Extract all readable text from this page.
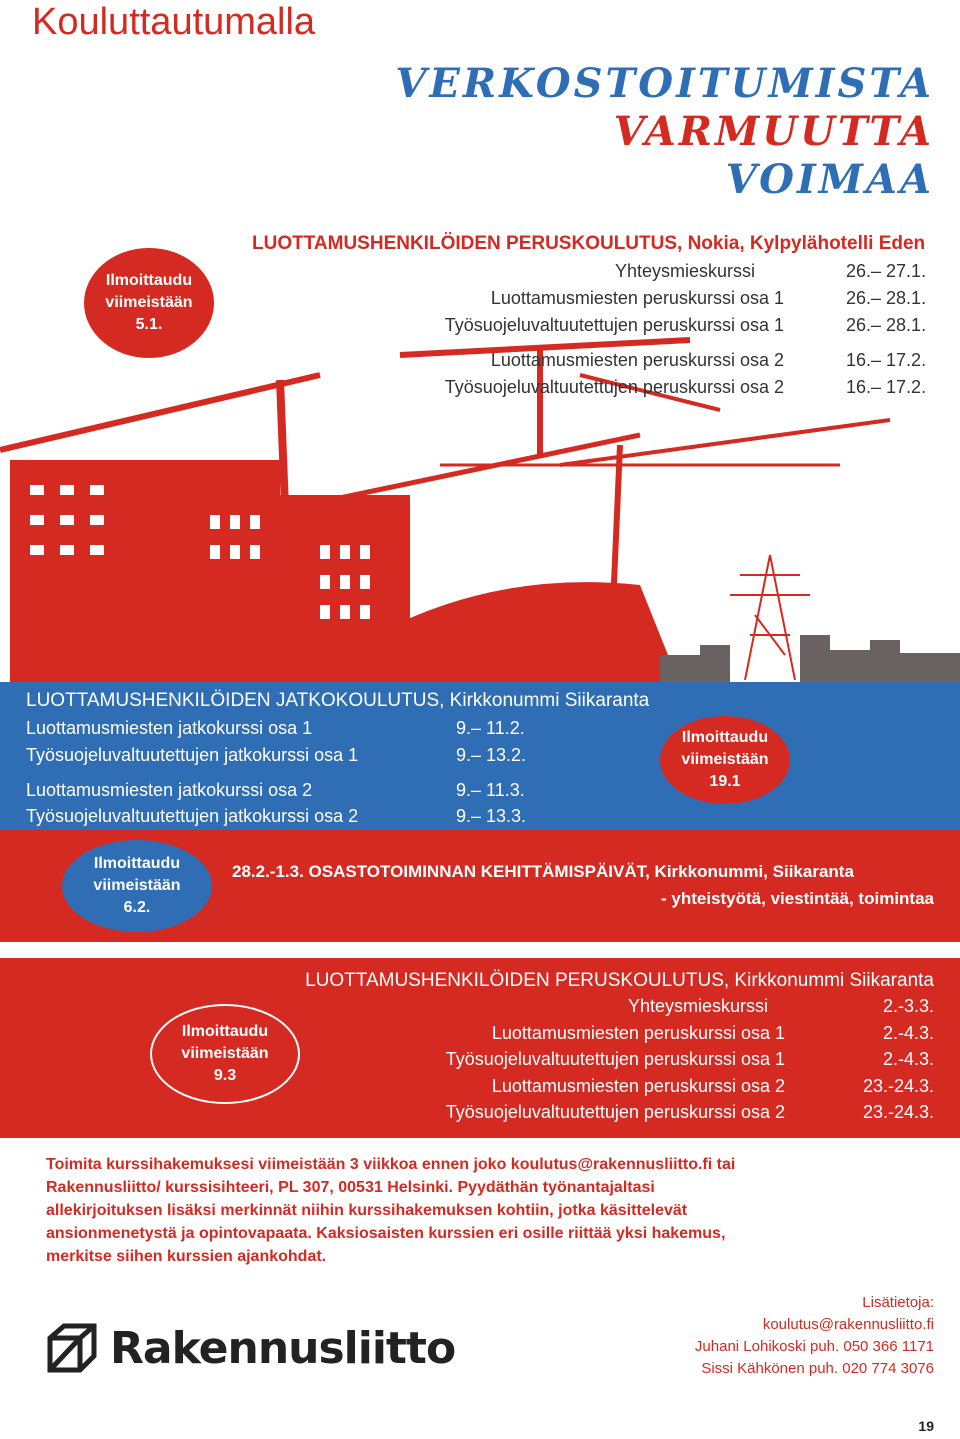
Kouluttautumalla
VERKOSTOITUMISTA
VARMUUTTA
VOIMAA
Ilmoittaudu
viimeistään
5.1.
LUOTTAMUSHENKILÖIDEN PERUSKOULUTUS, Nokia, Kylpylähotelli Eden
Yhteysmieskurssi	26.– 27.1.
Luottamusmiesten peruskurssi osa 1	26.– 28.1.
Työsuojeluvaltuutettujen peruskurssi osa 1	26.– 28.1.
Luottamusmiesten peruskurssi osa 2	16.– 17.2.
Työsuojeluvaltuutettujen peruskurssi osa 2	16.– 17.2.
LUOTTAMUSHENKILÖIDEN JATKOKOULUTUS, Kirkkonummi Siikaranta
Luottamusmiesten jatkokurssi osa 1	9.– 11.2.
Työsuojeluvaltuutettujen jatkokurssi osa 1	9.– 13.2.
Luottamusmiesten jatkokurssi osa 2	9.– 11.3.
Työsuojeluvaltuutettujen jatkokurssi osa 2	9.– 13.3.
Ilmoittaudu
viimeistään
19.1
Ilmoittaudu
viimeistään
6.2.
28.2.-1.3. OSASTOTOIMINNAN KEHITTÄMISPÄIVÄT, Kirkkonummi, Siikaranta
- yhteistyötä, viestintää, toimintaa
Ilmoittaudu
viimeistään
9.3
LUOTTAMUSHENKILÖIDEN PERUSKOULUTUS, Kirkkonummi Siikaranta
Yhteysmieskurssi	2.-3.3.
Luottamusmiesten peruskurssi osa 1	2.-4.3.
Työsuojeluvaltuutettujen peruskurssi osa 1	2.-4.3.
Luottamusmiesten peruskurssi osa 2	23.-24.3.
Työsuojeluvaltuutettujen peruskurssi osa 2	23.-24.3.
Toimita kurssihakemuksesi viimeistään 3 viikkoa ennen joko koulutus@rakennusliitto.fi tai
Rakennusliitto/ kurssisihteeri, PL 307, 00531 Helsinki. Pyydäthän työnantajaltasi
allekirjoituksen lisäksi merkinnät niihin kurssihakemuksen kohtiin, jotka käsittelevät
ansionmenetystä ja opintovapaata. Kaksiosaisten kurssien eri osille riittää yksi hakemus,
merkitse siihen kurssien ajankohdat.
Rakennusliitto
Lisätietoja:
koulutus@rakennusliitto.fi
Juhani Lohikoski puh. 050 366 1171
Sissi Kähkönen puh. 020 774 3076
19
